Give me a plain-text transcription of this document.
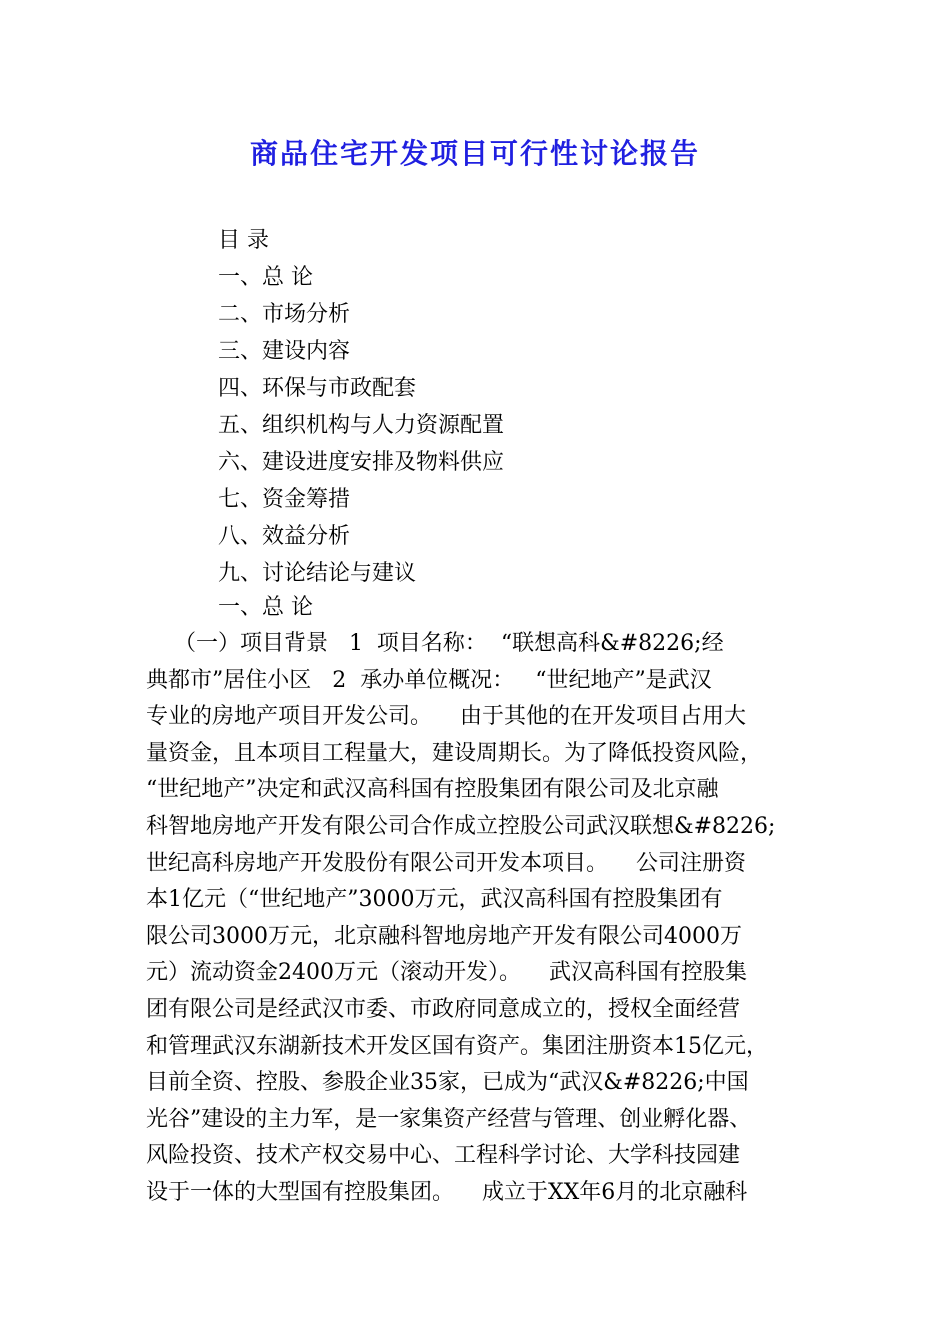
商品住宅开发项目可行性讨论报告
目 录
一、总 论
二、市场分析
三、建设内容
四、环保与市政配套
五、组织机构与人力资源配置
六、建设进度安排及物料供应
七、资金筹措
八、效益分析
九、讨论结论与建议
一、总 论
（一）项目背景   1  项目名称：  “联想高科&#8226;经
典都市”居住小区   2  承办单位概况：   “世纪地产”是武汉
专业的房地产项目开发公司。    由于其他的在开发项目占用大
量资金，且本项目工程量大，建设周期长。为了降低投资风险，
“世纪地产”决定和武汉高科国有控股集团有限公司及北京融
科智地房地产开发有限公司合作成立控股公司武汉联想&#8226;
世纪高科房地产开发股份有限公司开发本项目。    公司注册资
本1亿元（“世纪地产”3000万元，武汉高科国有控股集团有
限公司3000万元，北京融科智地房地产开发有限公司4000万
元）流动资金2400万元（滚动开发）。    武汉高科国有控股集
团有限公司是经武汉市委、市政府同意成立的，授权全面经营
和管理武汉东湖新技术开发区国有资产。集团注册资本15亿元，
目前全资、控股、参股企业35家，已成为“武汉&#8226;中国
光谷”建设的主力军，是一家集资产经营与管理、创业孵化器、
风险投资、技术产权交易中心、工程科学讨论、大学科技园建
设于一体的大型国有控股集团。    成立于XX年6月的北京融科
